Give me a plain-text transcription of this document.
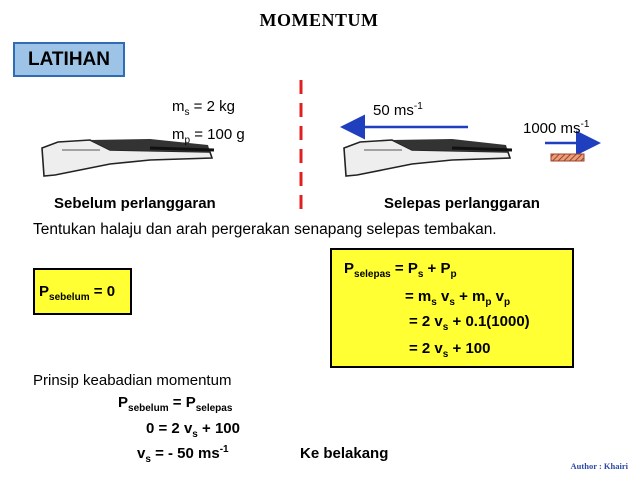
MOMENTUM
LATIHAN
$m_s = 2$ kg
$m_p = 100$ g
50 $ms^{-1}$
1000 $ms^{-1}$
Sebelum perlanggaran	Selepas perlanggaran
Tentukan halaju dan arah pergerakan senapang selepas tembakan.
$P_{sebelum} = 0$
$P_{selepas} = P_s + P_p$
= $m_s$ $v_s + m_p$ $v_p$
= 2 $v_s + 0.1(1000)$
= 2 $v_s + 100$
Prinsip keabadian momentum
$P_{sebelum} = P_{selepas}$
0 = 2 $v_s + 100$
$v_s$ = - 50 $ms^{-1}$	Ke belakang
Author : Khairi
